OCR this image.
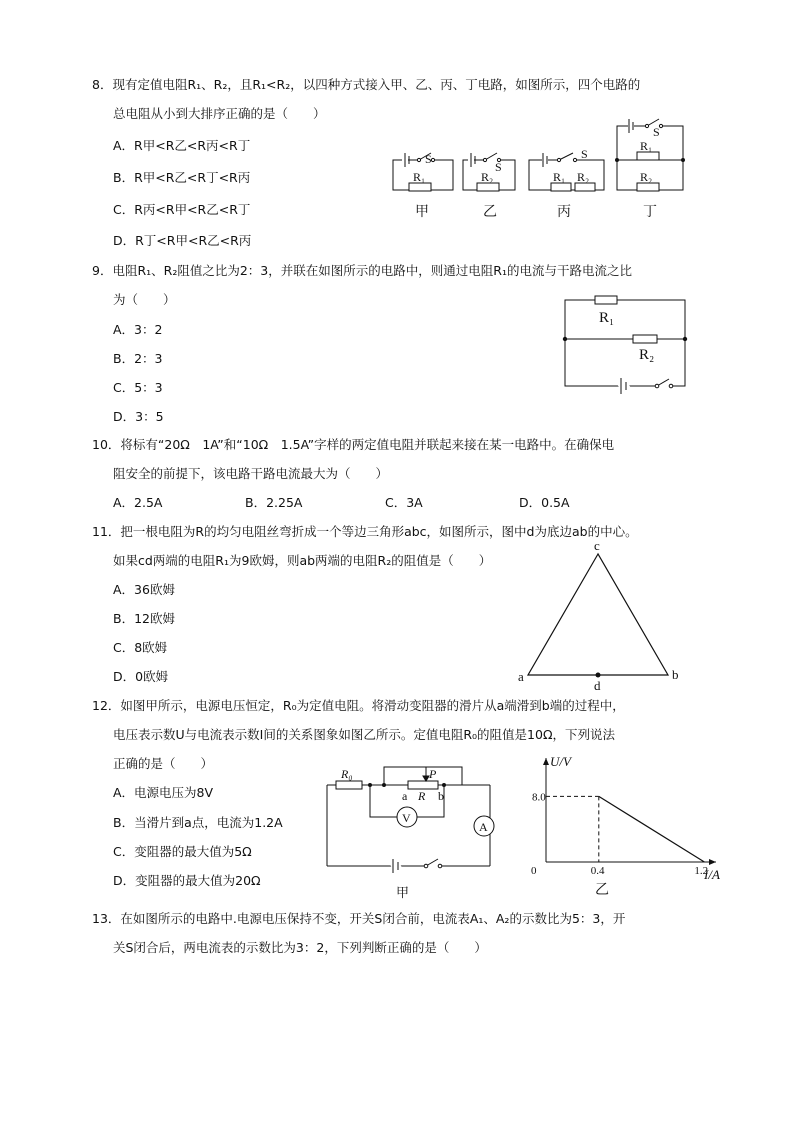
8．现有定值电阻R₁、R₂，且R₁<R₂，以四种方式接入甲、乙、丙、丁电路，如图所示，四个电路的
总电阻从小到大排序正确的是（　　）
A．R甲<R乙<R丙<R丁
B．R甲<R乙<R丁<R丙
C．R丙<R甲<R乙<R丁
D．R丁<R甲<R乙<R丙
S
R₁
甲
S
R₂
乙
S
R₁ R₂
丙
S
R₁
R₂
丁
9．电阻R₁、R₂阻值之比为2：3，并联在如图所示的电路中，则通过电阻R₁的电流与干路电流之比
为（　　）
A．3：2
B．2：3
C．5：3
D．3：5
R₁
R₂
10．将标有“20Ω　1A”和“10Ω　1.5A”字样的两定值电阻并联起来接在某一电路中。在确保电
阻安全的前提下，该电路干路电流最大为（　　）
A．2.5A	B．2.25A	C．3A	D．0.5A
11．把一根电阻为R的均匀电阻丝弯折成一个等边三角形abc，如图所示，图中d为底边ab的中心。
如果cd两端的电阻R₁为9欧姆，则ab两端的电阻R₂的阻值是（　　）
A．36欧姆
B．12欧姆
C．8欧姆
D．0欧姆
c
a	b
d
12．如图甲所示，电源电压恒定，R₀为定值电阻。将滑动变阻器的滑片从a端滑到b端的过程中，
电压表示数U与电流表示数I间的关系图象如图乙所示。定值电阻R₀的阻值是10Ω，下列说法
正确的是（　　）
A．电源电压为8V
B．当滑片到a点，电流为1.2A
C．变阻器的最大值为5Ω
D．变阻器的最大值为20Ω
R₀	P
a R b
V
A
甲
8.0
0.4	1.2
U/V
I/A
0
乙
13．在如图所示的电路中.电源电压保持不变，开关S闭合前，电流表A₁、A₂的示数比为5：3，开
关S闭合后，两电流表的示数比为3：2，下列判断正确的是（　　）
